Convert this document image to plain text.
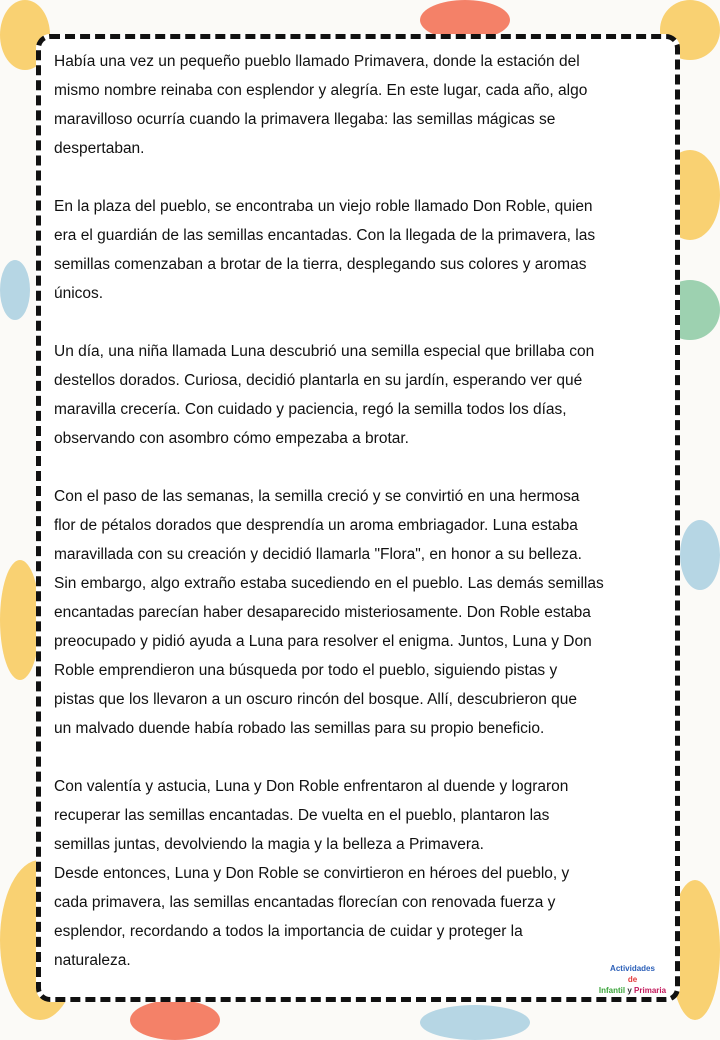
Había una vez un pequeño pueblo llamado Primavera, donde la estación del
mismo nombre reinaba con esplendor y alegría. En este lugar, cada año, algo
maravilloso ocurría cuando la primavera llegaba: las semillas mágicas se
despertaban.
En la plaza del pueblo, se encontraba un viejo roble llamado Don Roble, quien
era el guardián de las semillas encantadas. Con la llegada de la primavera, las
semillas comenzaban a brotar de la tierra, desplegando sus colores y aromas
únicos.
Un día, una niña llamada Luna descubrió una semilla especial que brillaba con
destellos dorados. Curiosa, decidió plantarla en su jardín, esperando ver qué
maravilla crecería. Con cuidado y paciencia, regó la semilla todos los días,
observando con asombro cómo empezaba a brotar.
Con el paso de las semanas, la semilla creció y se convirtió en una hermosa
flor de pétalos dorados que desprendía un aroma embriagador. Luna estaba
maravillada con su creación y decidió llamarla "Flora", en honor a su belleza.
Sin embargo, algo extraño estaba sucediendo en el pueblo. Las demás semillas
encantadas parecían haber desaparecido misteriosamente. Don Roble estaba
preocupado y pidió ayuda a Luna para resolver el enigma. Juntos, Luna y Don
Roble emprendieron una búsqueda por todo el pueblo, siguiendo pistas y
pistas que los llevaron a un oscuro rincón del bosque. Allí, descubrieron que
un malvado duende había robado las semillas para su propio beneficio.
Con valentía y astucia, Luna y Don Roble enfrentaron al duende y lograron
recuperar las semillas encantadas. De vuelta en el pueblo, plantaron las
semillas juntas, devolviendo la magia y la belleza a Primavera.
Desde entonces, Luna y Don Roble se convirtieron en héroes del pueblo, y
cada primavera, las semillas encantadas florecían con renovada fuerza y
esplendor, recordando a todos la importancia de cuidar y proteger la
naturaleza.	Actividades
de
Infantil y Primaria
